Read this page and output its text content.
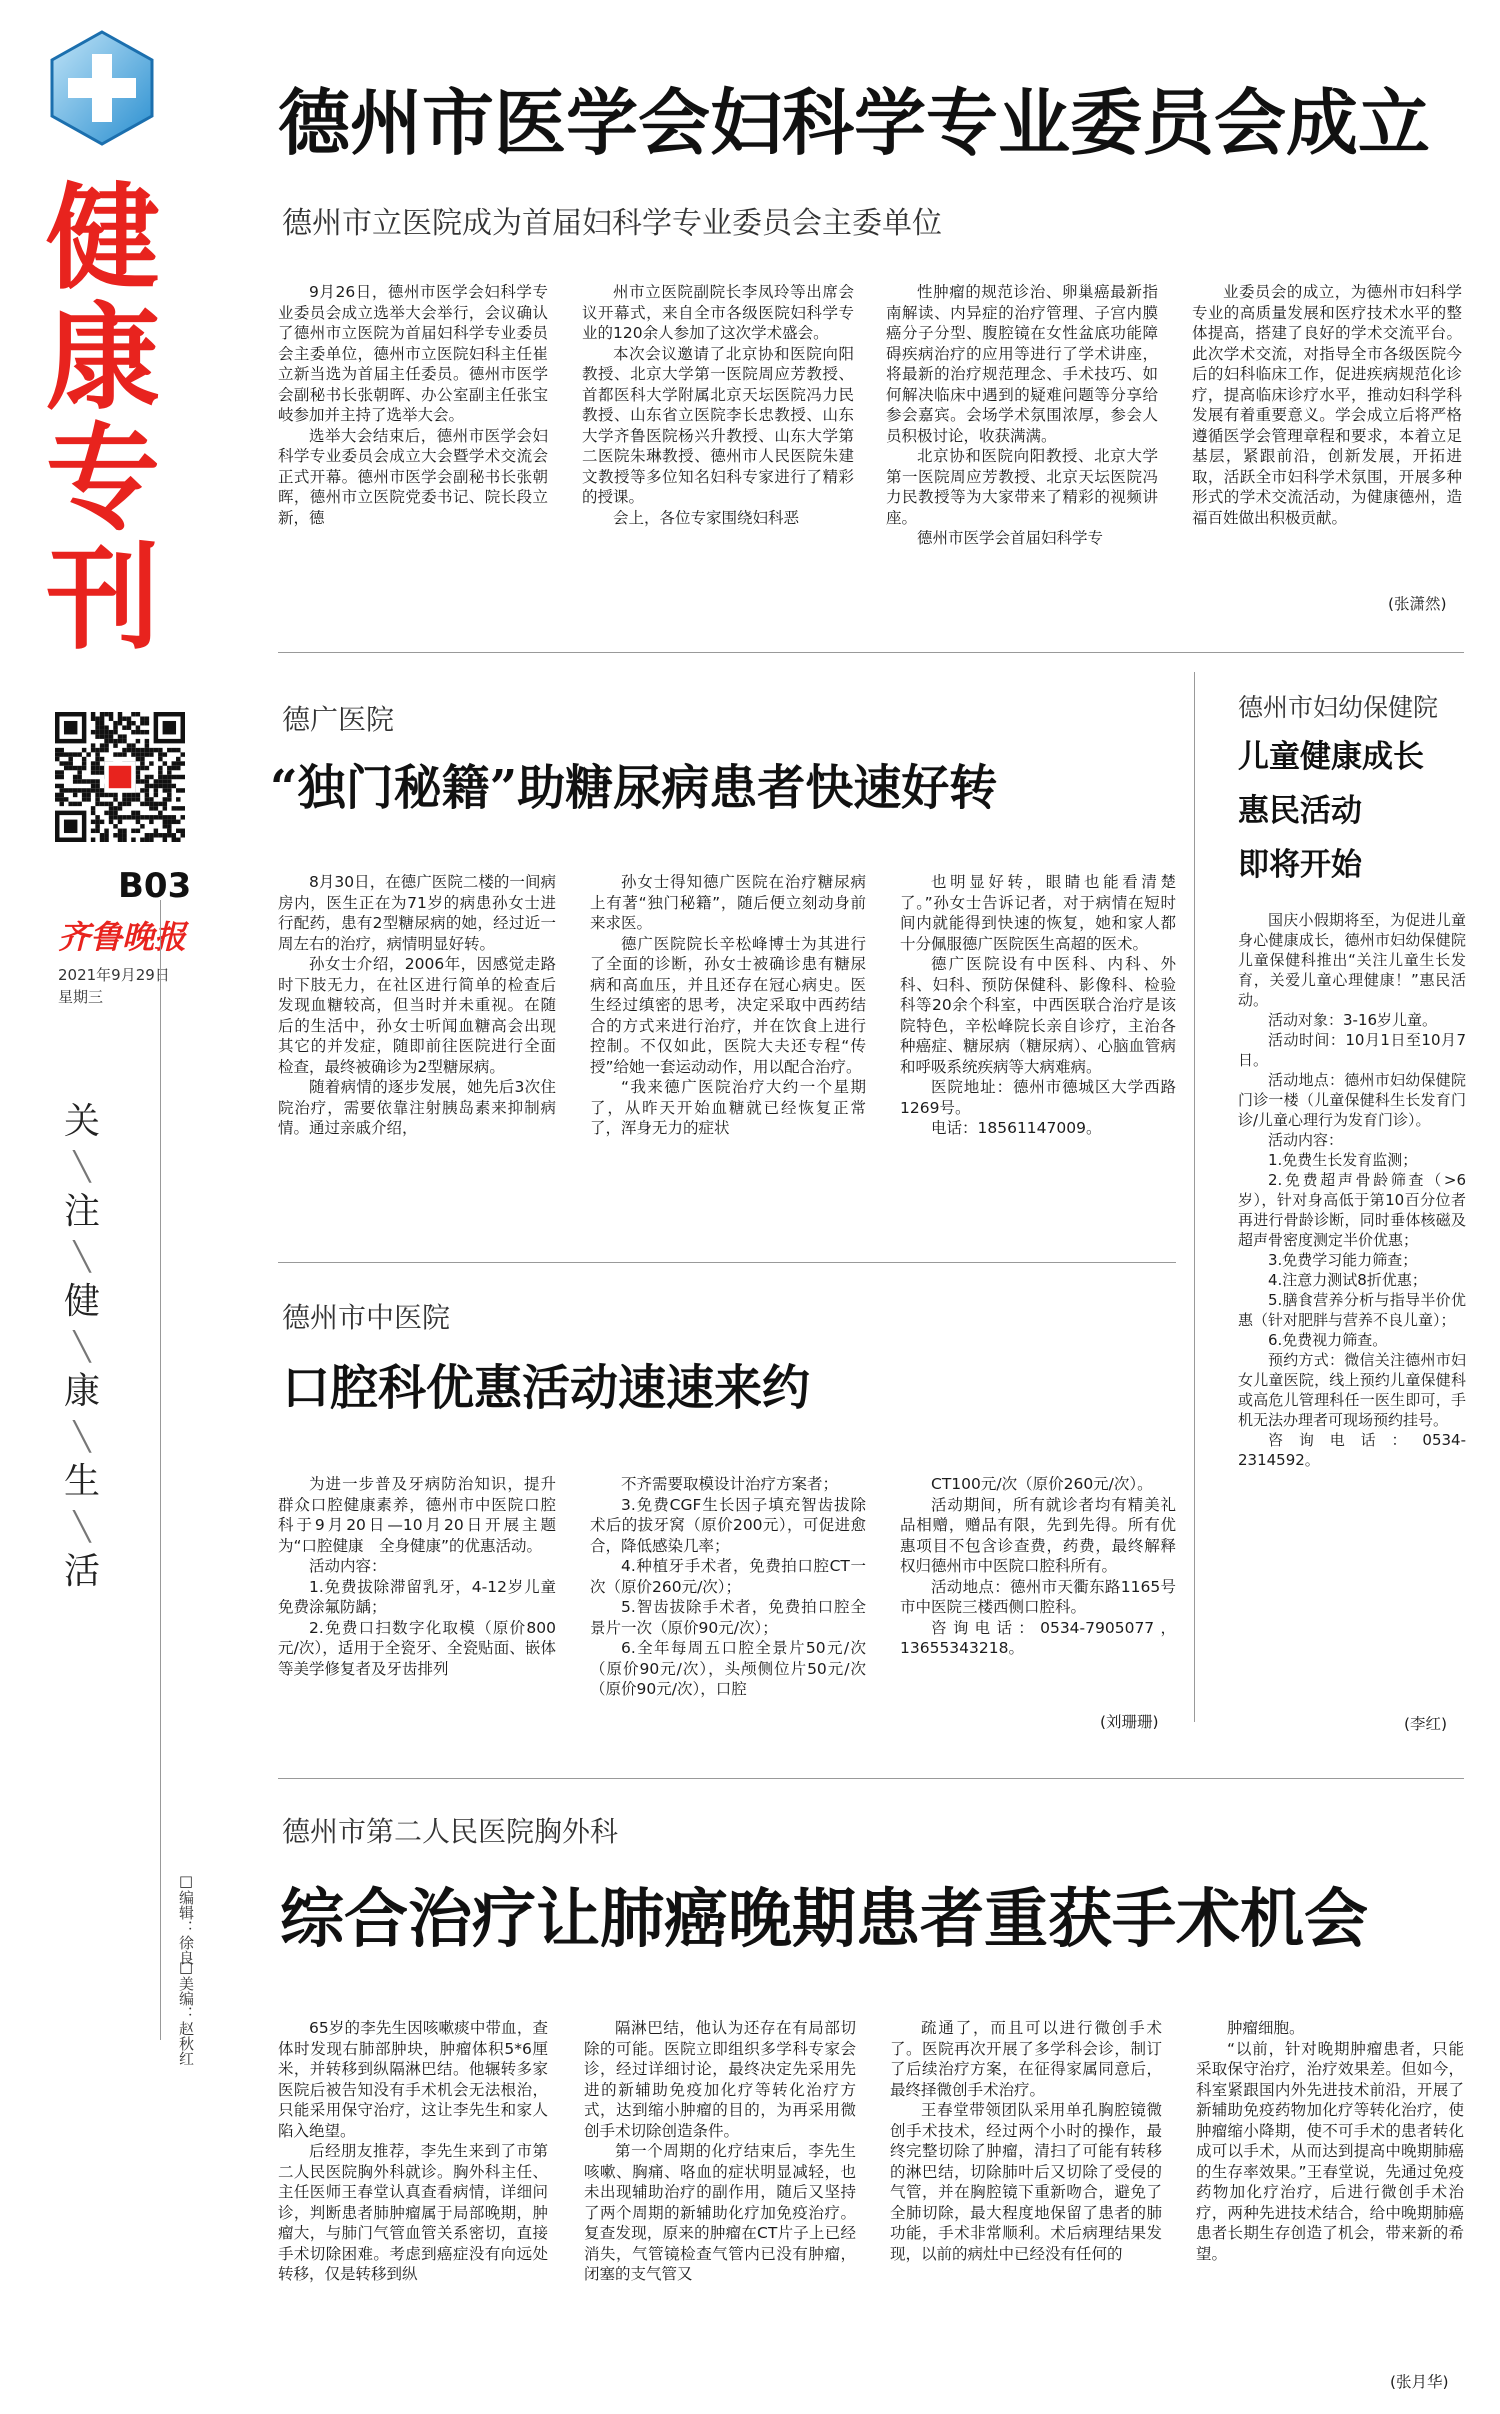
健
康
专
刊
B03
齐鲁晚报
2021年9月29日
星期三
关
╲
注
╲
健
╲
康
╲
生
╲
活
□编辑：徐良
□美编：赵秋红
德州市医学会妇科学专业委员会成立
德州市立医院成为首届妇科学专业委员会主委单位

9月26日，德州市医学会妇科学专业委员会成立选举大会举行，会议确认了德州市立医院为首届妇科学专业委员会主委单位，德州市立医院妇科主任崔立新当选为首届主任委员。德州市医学会副秘书长张朝晖、办公室副主任张宝岐参加并主持了选举大会。

选举大会结束后，德州市医学会妇科学专业委员会成立大会暨学术交流会正式开幕。德州市医学会副秘书长张朝晖，德州市立医院党委书记、院长段立新，德

州市立医院副院长李凤玲等出席会议开幕式，来自全市各级医院妇科学专业的120余人参加了这次学术盛会。

本次会议邀请了北京协和医院向阳教授、北京大学第一医院周应芳教授、首都医科大学附属北京天坛医院冯力民教授、山东省立医院李长忠教授、山东大学齐鲁医院杨兴升教授、山东大学第二医院朱琳教授、德州市人民医院朱建文教授等多位知名妇科专家进行了精彩的授课。

会上，各位专家围绕妇科恶

性肿瘤的规范诊治、卵巢癌最新指南解读、内异症的治疗管理、子宫内膜癌分子分型、腹腔镜在女性盆底功能障碍疾病治疗的应用等进行了学术讲座，将最新的治疗规范理念、手术技巧、如何解决临床中遇到的疑难问题等分享给参会嘉宾。会场学术氛围浓厚，参会人员积极讨论，收获满满。

北京协和医院向阳教授、北京大学第一医院周应芳教授、北京天坛医院冯力民教授等为大家带来了精彩的视频讲座。

德州市医学会首届妇科学专

业委员会的成立，为德州市妇科学专业的高质量发展和医疗技术水平的整体提高，搭建了良好的学术交流平台。此次学术交流，对指导全市各级医院今后的妇科临床工作，促进疾病规范化诊疗，提高临床诊疗水平，推动妇科学科发展有着重要意义。学会成立后将严格遵循医学会管理章程和要求，本着立足基层，紧跟前沿，创新发展，开拓进取，活跃全市妇科学术氛围，开展多种形式的学术交流活动，为健康德州，造福百姓做出积极贡献。

(张潇然)
德广医院
“独门秘籍”助糖尿病患者快速好转

8月30日，在德广医院二楼的一间病房内，医生正在为71岁的病患孙女士进行配药，患有2型糖尿病的她，经过近一周左右的治疗，病情明显好转。

孙女士介绍，2006年，因感觉走路时下肢无力，在社区进行简单的检查后发现血糖较高，但当时并未重视。在随后的生活中，孙女士听闻血糖高会出现其它的并发症，随即前往医院进行全面检查，最终被确诊为2型糖尿病。

随着病情的逐步发展，她先后3次住院治疗，需要依靠注射胰岛素来抑制病情。通过亲戚介绍，

孙女士得知德广医院在治疗糖尿病上有著“独门秘籍”，随后便立刻动身前来求医。

德广医院院长辛松峰博士为其进行了全面的诊断，孙女士被确诊患有糖尿病和高血压，并且还存在冠心病史。医生经过缜密的思考，决定采取中西药结合的方式来进行治疗，并在饮食上进行控制。不仅如此，医院大夫还专程“传授”给她一套运动动作，用以配合治疗。

“我来德广医院治疗大约一个星期了，从昨天开始血糖就已经恢复正常了，浑身无力的症状

也明显好转，眼睛也能看清楚了。”孙女士告诉记者，对于病情在短时间内就能得到快速的恢复，她和家人都十分佩服德广医院医生高超的医术。

德广医院设有中医科、内科、外科、妇科、预防保健科、影像科、检验科等20余个科室，中西医联合治疗是该院特色，辛松峰院长亲自诊疗，主治各种癌症、糖尿病（糖尿病）、心脑血管病和呼吸系统疾病等大病难病。

医院地址：德州市德城区大学西路1269号。

电话：18561147009。

德州市妇幼保健院
儿童健康成长
惠民活动
即将开始

国庆小假期将至，为促进儿童身心健康成长，德州市妇幼保健院儿童保健科推出“关注儿童生长发育，关爱儿童心理健康！”惠民活动。

活动对象：3-16岁儿童。

活动时间：10月1日至10月7日。

活动地点：德州市妇幼保健院门诊一楼（儿童保健科生长发育门诊/儿童心理行为发育门诊）。

活动内容：

1.免费生长发育监测；

2.免费超声骨龄筛查（>6岁），针对身高低于第10百分位者再进行骨龄诊断，同时垂体核磁及超声骨密度测定半价优惠；

3.免费学习能力筛查；

4.注意力测试8折优惠；

5.膳食营养分析与指导半价优惠（针对肥胖与营养不良儿童）；

6.免费视力筛查。

预约方式：微信关注德州市妇女儿童医院，线上预约儿童保健科或高危儿管理科任一医生即可，手机无法办理者可现场预约挂号。

咨询电话：0534-2314592。

(李红)
德州市中医院
口腔科优惠活动速速来约

为进一步普及牙病防治知识，提升群众口腔健康素养，德州市中医院口腔科于9月20日—10月20日开展主题为“口腔健康　全身健康”的优惠活动。

活动内容：

1.免费拔除滞留乳牙，4-12岁儿童免费涂氟防龋；

2.免费口扫数字化取模（原价800元/次），适用于全瓷牙、全瓷贴面、嵌体等美学修复者及牙齿排列

不齐需要取模设计治疗方案者；

3.免费CGF生长因子填充智齿拔除术后的拔牙窝（原价200元），可促进愈合，降低感染几率；

4.种植牙手术者，免费拍口腔CT一次（原价260元/次）；

5.智齿拔除手术者，免费拍口腔全景片一次（原价90元/次）；

6.全年每周五口腔全景片50元/次（原价90元/次），头颅侧位片50元/次（原价90元/次），口腔

CT100元/次（原价260元/次）。

活动期间，所有就诊者均有精美礼品相赠，赠品有限，先到先得。所有优惠项目不包含诊查费，药费，最终解释权归德州市中医院口腔科所有。

活动地点：德州市天衢东路1165号市中医院三楼西侧口腔科。

咨询电话：0534-7905077，13655343218。

(刘珊珊)
德州市第二人民医院胸外科
综合治疗让肺癌晚期患者重获手术机会

65岁的李先生因咳嗽痰中带血，查体时发现右肺部肿块，肿瘤体积5*6厘米，并转移到纵隔淋巴结。他辗转多家医院后被告知没有手术机会无法根治，只能采用保守治疗，这让李先生和家人陷入绝望。

后经朋友推荐，李先生来到了市第二人民医院胸外科就诊。胸外科主任、主任医师王春堂认真查看病情，详细问诊，判断患者肺肿瘤属于局部晚期，肿瘤大，与肺门气管血管关系密切，直接手术切除困难。考虑到癌症没有向远处转移，仅是转移到纵

隔淋巴结，他认为还存在有局部切除的可能。医院立即组织多学科专家会诊，经过详细讨论，最终决定先采用先进的新辅助免疫加化疗等转化治疗方式，达到缩小肿瘤的目的，为再采用微创手术切除创造条件。

第一个周期的化疗结束后，李先生咳嗽、胸痛、咯血的症状明显减轻，也未出现辅助治疗的副作用，随后又坚持了两个周期的新辅助化疗加免疫治疗。复查发现，原来的肿瘤在CT片子上已经消失，气管镜检查气管内已没有肿瘤，闭塞的支气管又

疏通了，而且可以进行微创手术了。医院再次开展了多学科会诊，制订了后续治疗方案，在征得家属同意后，最终择微创手术治疗。

王春堂带领团队采用单孔胸腔镜微创手术技术，经过两个小时的操作，最终完整切除了肿瘤，清扫了可能有转移的淋巴结，切除肺叶后又切除了受侵的气管，并在胸腔镜下重新吻合，避免了全肺切除，最大程度地保留了患者的肺功能，手术非常顺利。术后病理结果发现，以前的病灶中已经没有任何的

肿瘤细胞。

“以前，针对晚期肿瘤患者，只能采取保守治疗，治疗效果差。但如今，科室紧跟国内外先进技术前沿，开展了新辅助免疫药物加化疗等转化治疗，使肿瘤缩小降期，使不可手术的患者转化成可以手术，从而达到提高中晚期肺癌的生存率效果。”王春堂说，先通过免疫药物加化疗治疗，后进行微创手术治疗，两种先进技术结合，给中晚期肺癌患者长期生存创造了机会，带来新的希望。

(张月华)
